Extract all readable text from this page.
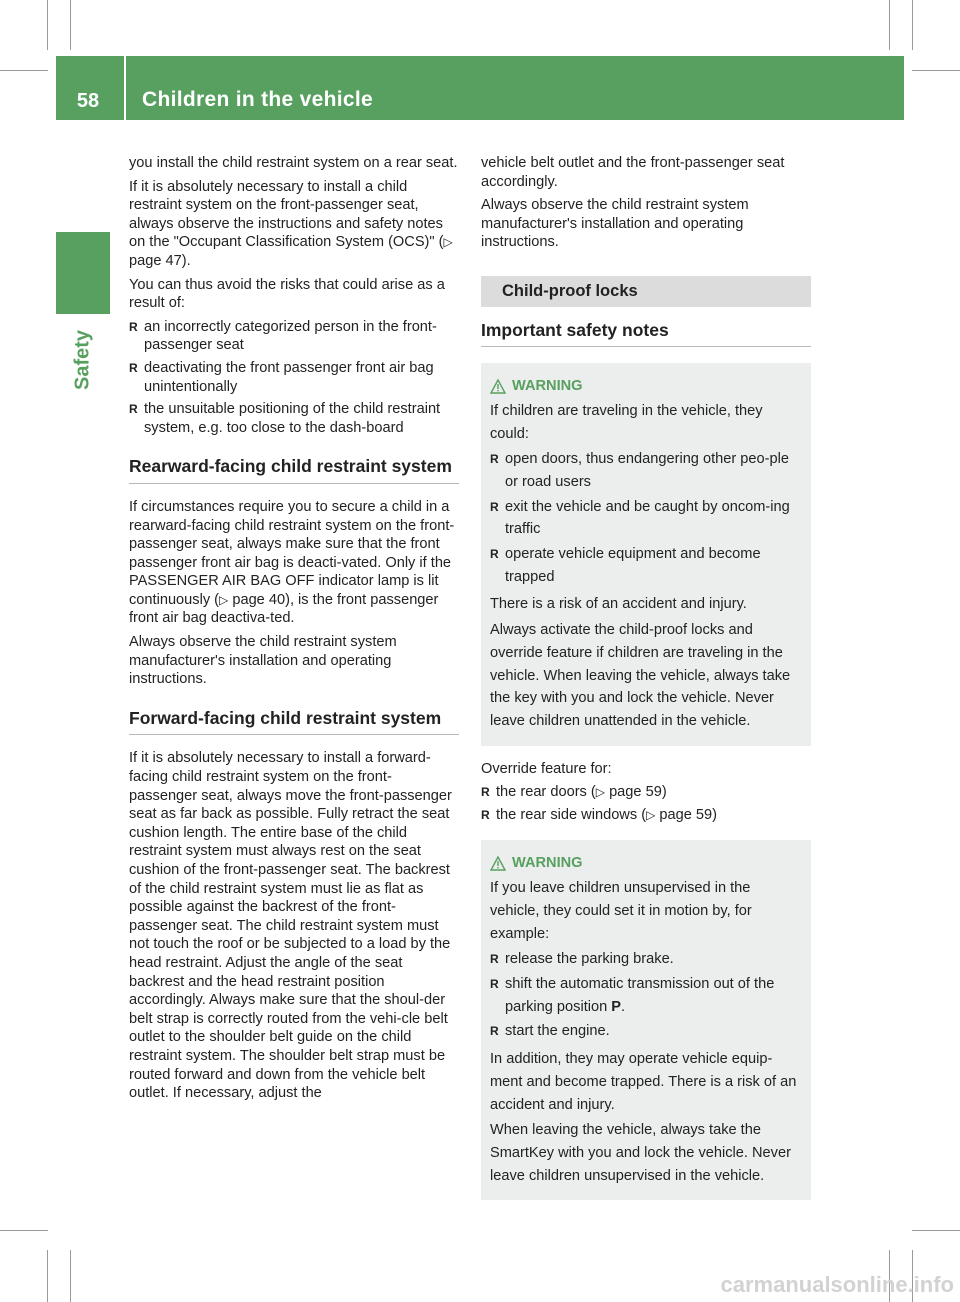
58	Children in the vehicle
Safety

you install the child restraint system on a rear seat.

If it is absolutely necessary to install a child restraint system on the front-passenger seat, always observe the instructions and safety notes on the "Occupant Classification System (OCS)" (▷ page 47).

You can thus avoid the risks that could arise as a result of:

R an incorrectly categorized person in the front-passenger seat
R deactivating the front passenger front air bag unintentionally
R the unsuitable positioning of the child restraint system, e.g. too close to the dash-board
Rearward-facing child restraint system

If circumstances require you to secure a child in a rearward-facing child restraint system on the front-passenger seat, always make sure that the front passenger front air bag is deacti-vated. Only if the PASSENGER AIR BAG OFF indicator lamp is lit continuously (▷ page 40), is the front passenger front air bag deactiva-ted.

Always observe the child restraint system manufacturer's installation and operating instructions.

Forward-facing child restraint system

If it is absolutely necessary to install a forward-facing child restraint system on the front-passenger seat, always move the front-passenger seat as far back as possible. Fully retract the seat cushion length. The entire base of the child restraint system must always rest on the seat cushion of the front-passenger seat. The backrest of the child restraint system must lie as flat as possible against the backrest of the front-passenger seat. The child restraint system must not touch the roof or be subjected to a load by the head restraint. Adjust the angle of the seat backrest and the head restraint position accordingly. Always make sure that the shoul-der belt strap is correctly routed from the vehi-cle belt outlet to the shoulder belt guide on the child restraint system. The shoulder belt strap must be routed forward and down from the vehicle belt outlet. If necessary, adjust the

vehicle belt outlet and the front-passenger seat accordingly.

Always observe the child restraint system manufacturer's installation and operating instructions.

Child-proof locks
Important safety notes
WARNING

If children are traveling in the vehicle, they could:

R open doors, thus endangering other peo-ple or road users
R exit the vehicle and be caught by oncom-ing traffic
R operate vehicle equipment and become trapped

There is a risk of an accident and injury.

Always activate the child-proof locks and override feature if children are traveling in the vehicle. When leaving the vehicle, always take the key with you and lock the vehicle. Never leave children unattended in the vehicle.

Override feature for:

R the rear doors (▷ page 59)
R the rear side windows (▷ page 59)
WARNING

If you leave children unsupervised in the vehicle, they could set it in motion by, for example:

R release the parking brake.
R shift the automatic transmission out of the parking position P.
R start the engine.

In addition, they may operate vehicle equip-ment and become trapped. There is a risk of an accident and injury.

When leaving the vehicle, always take the SmartKey with you and lock the vehicle. Never leave children unsupervised in the vehicle.

carmanualsonline.info
